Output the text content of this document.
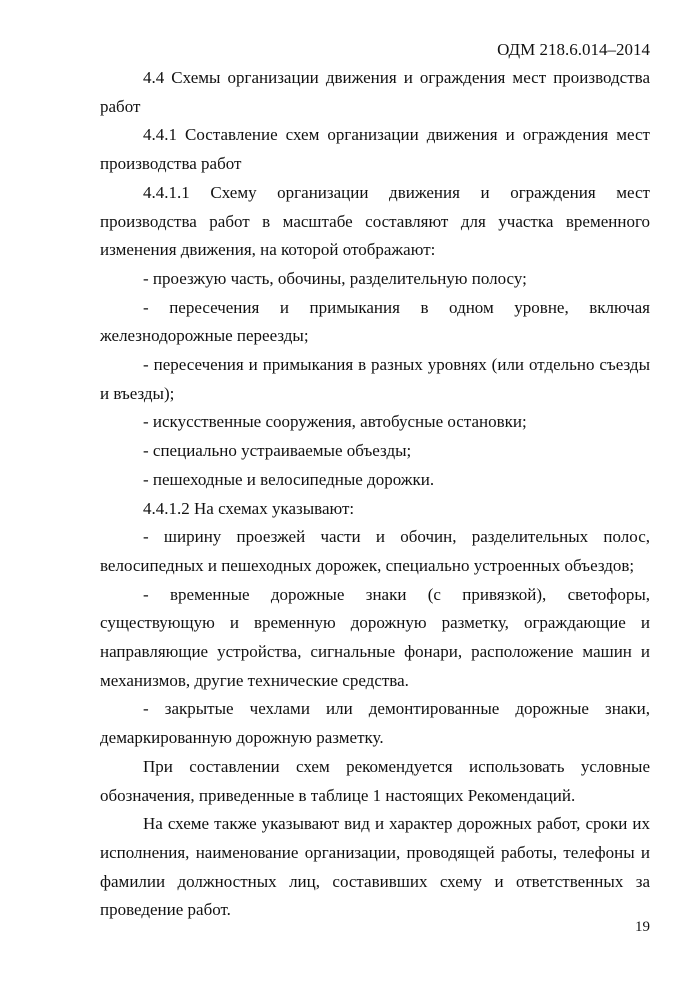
ОДМ 218.6.014–2014

4.4 Схемы организации движения и ограждения мест производства работ

4.4.1 Составление схем организации движения и ограждения мест производства работ

4.4.1.1 Схему организации движения и ограждения мест производства работ в масштабе составляют для участка временного изменения движения, на которой отображают:

- проезжую часть, обочины, разделительную полосу;

- пересечения и примыкания в одном уровне, включая железнодорожные переезды;

- пересечения и примыкания в разных уровнях (или отдельно съезды и въезды);

- искусственные сооружения, автобусные остановки;

- специально устраиваемые объезды;

- пешеходные и велосипедные дорожки.

4.4.1.2 На схемах указывают:

- ширину проезжей части и обочин, разделительных полос, велосипедных и пешеходных дорожек, специально устроенных объездов;

- временные дорожные знаки (с привязкой), светофоры, существующую и временную дорожную разметку, ограждающие и направляющие устройства, сигнальные фонари, расположение машин и механизмов, другие технические средства.

- закрытые чехлами или демонтированные дорожные знаки, демаркированную дорожную разметку.

При составлении схем рекомендуется использовать условные обозначения, приведенные в таблице 1 настоящих Рекомендаций.

На схеме также указывают вид и характер дорожных работ, сроки их исполнения, наименование организации, проводящей работы, телефоны и фамилии должностных лиц, составивших схему и ответственных за проведение работ.

19
